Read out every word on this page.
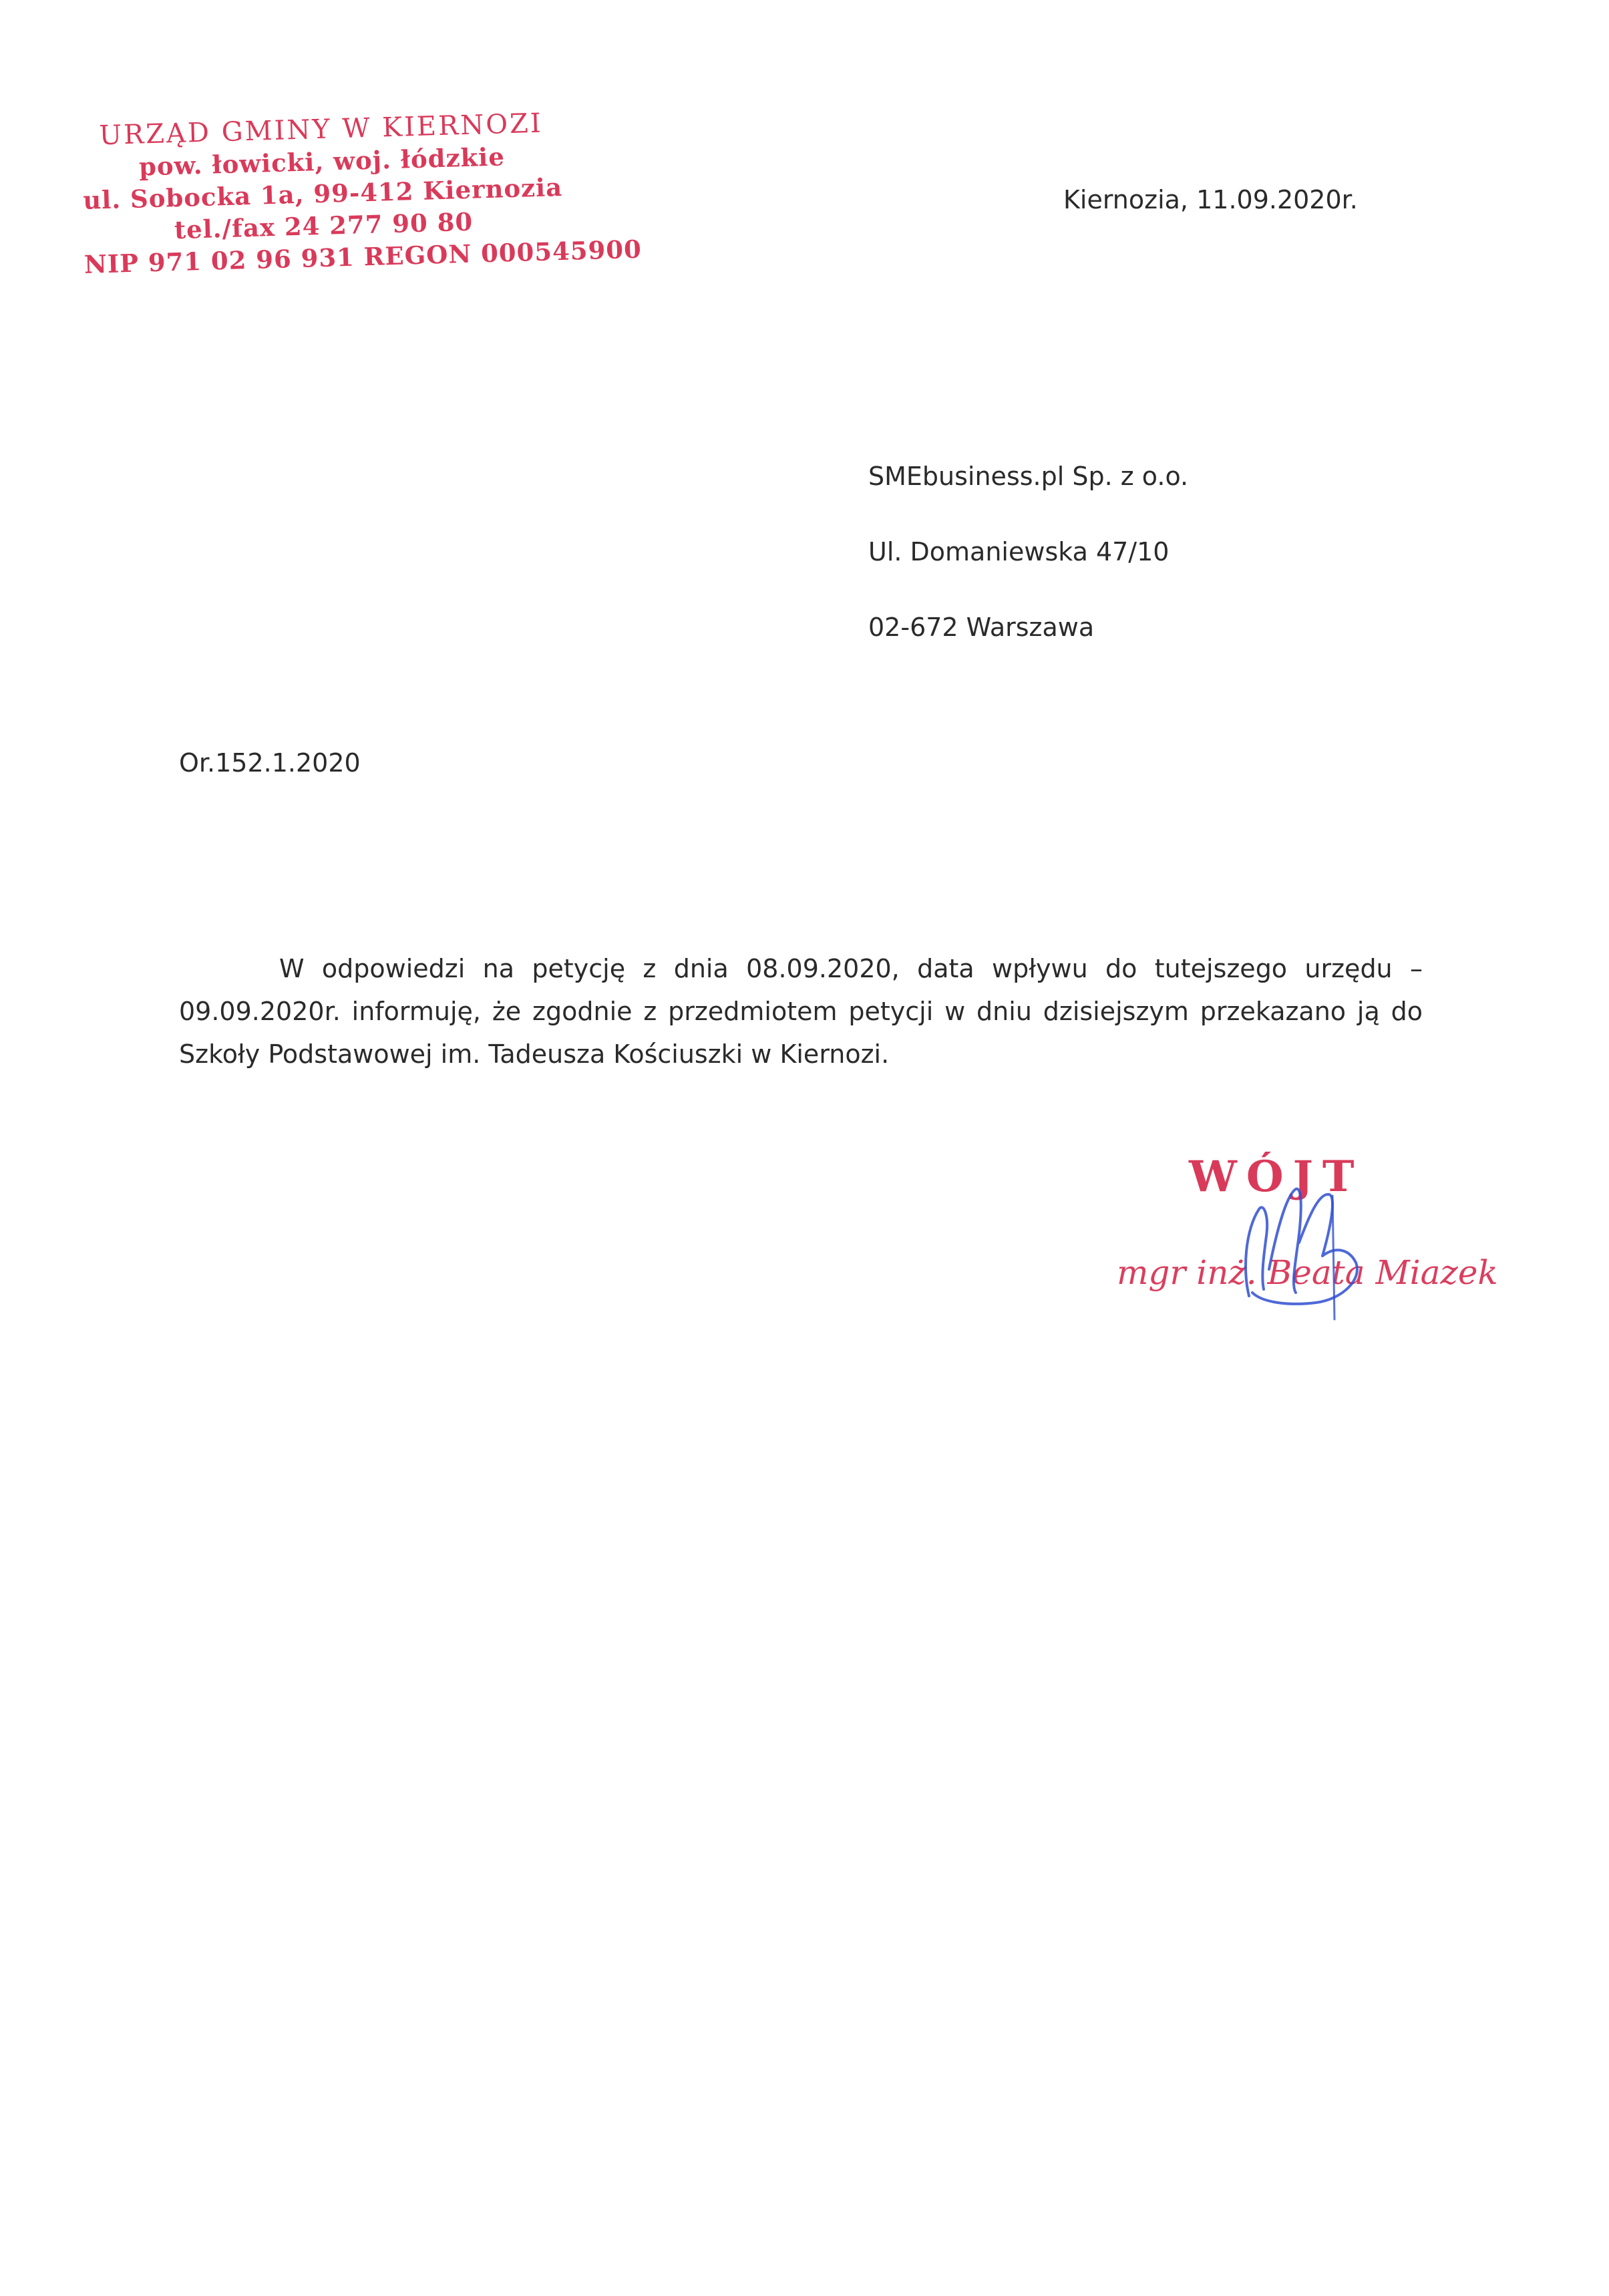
URZĄD GMINY W KIERNOZI
pow. łowicki, woj. łódzkie
ul. Sobocka 1a, 99-412 Kiernozia
tel./fax 24 277 90 80
NIP 971 02 96 931 REGON 000545900
Kiernozia, 11.09.2020r.
SMEbusiness.pl Sp. z o.o.
Ul. Domaniewska 47/10
02-672 Warszawa
Or.152.1.2020
W odpowiedzi na petycję z dnia 08.09.2020, data wpływu do tutejszego urzędu – 09.09.2020r. informuję, że zgodnie z przedmiotem petycji w dniu dzisiejszym przekazano ją do Szkoły Podstawowej im. Tadeusza Kościuszki w Kiernozi.
WÓJT
mgr inż. Beata Miazek
